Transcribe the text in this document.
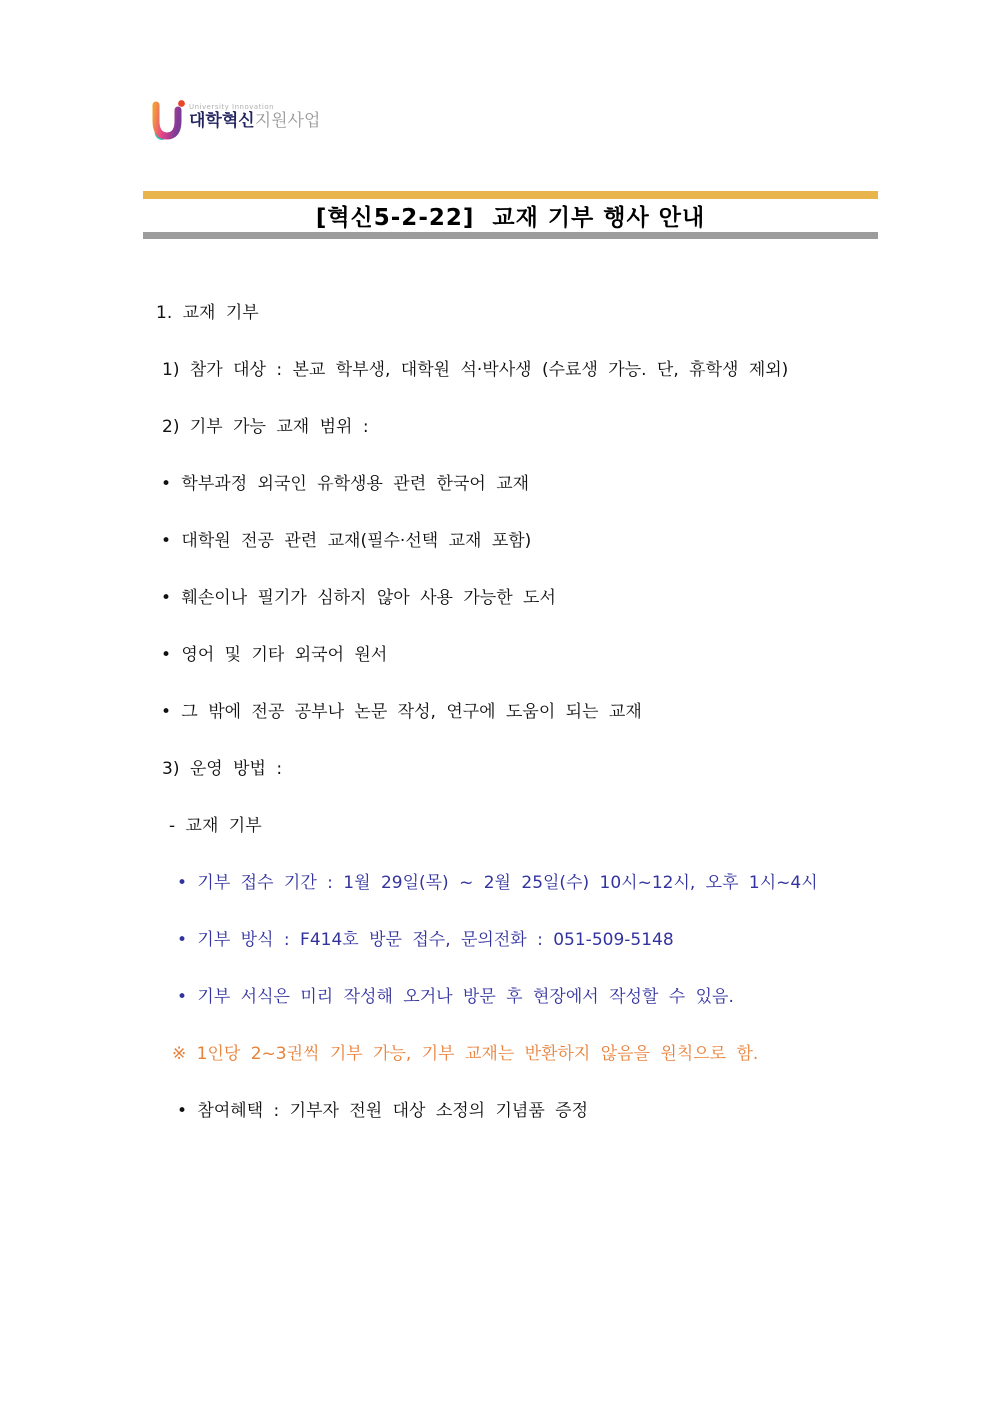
University Innovation
대학혁신지원사업
[혁신5-2-22]  교재 기부 행사 안내
1. 교재 기부
1) 참가 대상 : 본교 학부생, 대학원 석·박사생 (수료생 가능. 단, 휴학생 제외)
2) 기부 가능 교재 범위 :
• 학부과정 외국인 유학생용 관련 한국어 교재
• 대학원 전공 관련 교재(필수·선택 교재 포함)
• 훼손이나 필기가 심하지 않아 사용 가능한 도서
• 영어 및 기타 외국어 원서
• 그 밖에 전공 공부나 논문 작성, 연구에 도움이 되는 교재
3) 운영 방법 :
- 교재 기부
• 기부 접수 기간 : 1월 29일(목) ~ 2월 25일(수) 10시~12시, 오후 1시~4시
• 기부 방식 : F414호 방문 접수, 문의전화 : 051-509-5148
• 기부 서식은 미리 작성해 오거나 방문 후 현장에서 작성할 수 있음.
※ 1인당 2~3권씩 기부 가능, 기부 교재는 반환하지 않음을 원칙으로 함.
• 참여혜택 : 기부자 전원 대상 소정의 기념품 증정
